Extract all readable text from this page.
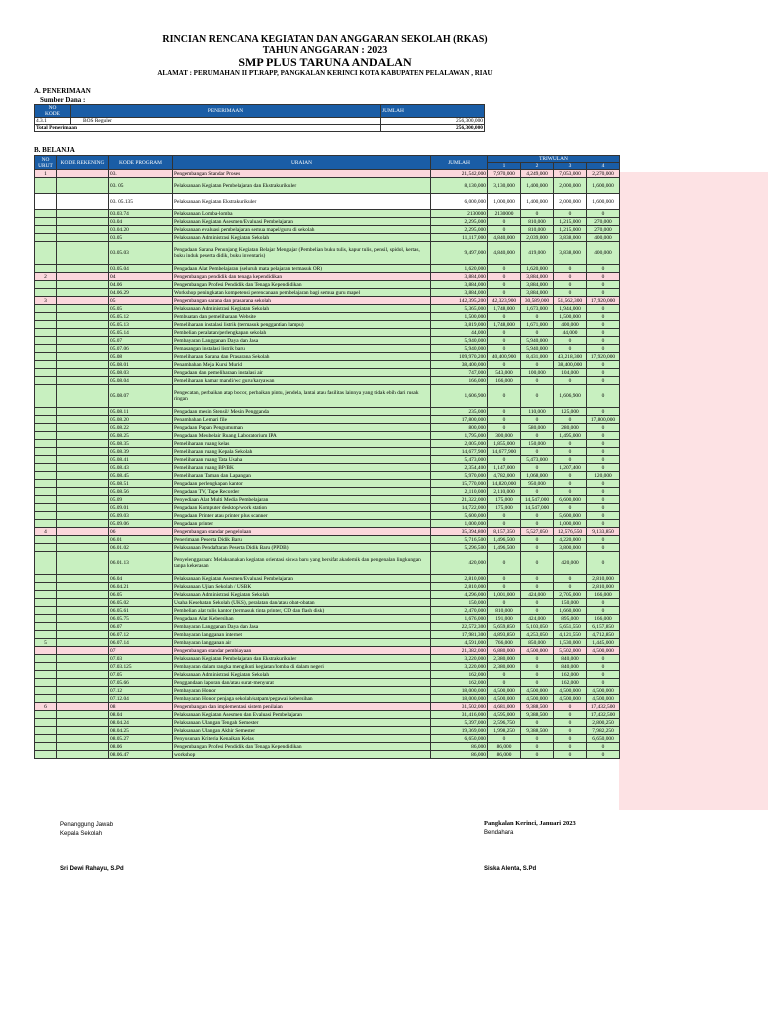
RINCIAN RENCANA KEGIATAN DAN ANGGARAN SEKOLAH (RKAS)
TAHUN ANGGARAN : 2023
SMP PLUS TARUNA ANDALAN
ALAMAT : PERUMAHAN II PT.RAPP, PANGKALAN KERINCI KOTA KABUPATEN PELALAWAN , RIAU
A. PENERIMAAN
Sumber Dana :
NO
KODE	PENERIMAAN	JUMLAH
4.3.1	BOS Reguler	256,300,000
Total Penerimaan		256,300,000
B. BELANJA
NO URUT	KODE REKENING	KODE PROGRAM	URAIAN	JUMLAH	TRIWULAN			
					1	2	3	4
1		03.	Pengembangan Standar Proses	21,542,000	7,970,000	4,249,000	7,053,000	2,270,000
		03. 05	Pelaksanaan Kegiatan Pembelajaran dan Ekstrakurikuler	8,130,000	3,130,000	1,400,000	2,000,000	1,600,000
		03. 05.135	Pelaksanaan Kegiatan Ekstrakurikuler	6,000,000	1,000,000	1,400,000	2,000,000	1,600,000
		03.03.74	Pelaksanaan Lomba-lomba	2130000	2130000	0	0	0
		03.04	Pelaksanaan Kegiatan Asesmen/Evaluasi Pembelajaran	2,295,000	0	810,000	1,215,000	270,000
		03.04.20	Pelaksanaan evaluasi pembelajaran semua mapel/guru di sekolah	2,295,000	0	810,000	1,215,000	270,000
		03.05	Pelaksanaan Administrasi Kegiatan Sekolah	11,117,000	4,840,000	2,039,000	3,838,000	400,000
		03.05.03	Pengadaan Sarana Penunjang Kegiatan Belajar Mengajar (Pembelian buku tulis, kapur tulis, pensil, spidol, kertas, buku induk peserta didik, buku inventaris)	9,497,000	4,840,000	419,000	3,838,000	400,000
		03.05.04	Pengadaan Alat Pembelajaran (seluruh mata pelajaran termasuk OR)	1,620,000	0	1,620,000	0	0
2		04	Pengembangan pendidik dan tenaga kependidikan	3,884,000	0	3,884,000	0	0
		04.06	Pengembangan Profesi Pendidik dan Tenaga Kependidikan	3,884,000	0	3,884,000	0	0
		04.06.29	Workshop peningkatan kompetensi perencanaan pembelajaran bagi semua guru mapel	3,884,000	0	3,884,000	0	0
3		05	Pengembangan sarana dan prasarana sekolah	142,395,200	42,323,900	30,589,000	51,562,300	17,920,000
		05.05	Pelaksanaan Administrasi Kegiatan Sekolah	5,365,000	1,748,000	1,673,000	1,944,000	0
		05.05.12	Pembuatan dan pemeliharaan Website	1,500,000	0	0	1,500,000	0
		05.05.13	Pemeliharaan instalasi listrik (termasuk penggantian lampu)	3,819,000	1,748,000	1,671,000	400,000	0
		05.05.14	Pembelian peralatan/perlengkapan sekolah	44,000	0	0	44,000	0
		05.07	Pembayaran Langganan Daya dan Jasa	5,940,000	0	5,940,000	0	0
		05.07.06	Pemasangan instalasi listrik baru	5,940,000	0	5,940,000	0	0
		05.08	Pemeliharaan Sarana dan Prasarana Sekolah	109,970,200	40,400,900	8,431,000	43,218,300	17,920,000
		05.08.01	Penambahan Meja Kursi Murid	38,400,000	0	0	38,400,000	0
		05.08.03	Pengadaan dan pemeliharaan instalasi air	747,000	543,000	100,000	104,000	0
		05.08.04	Pemeliharaan kamar mandi/wc guru/karyawan	166,000	166,000	0	0	0
		05.08.07	Pengecatan, perbaikan atap bocor, perbaikan pintu, jendela, lantai atau fasilitas lainnya yang tidak ebih dari rusak ringan	1,606,900	0	0	1,606,900	0
		05.08.11	Pengadaan mesin Stensil/ Mesin Pengganda	235,000	0	110,000	125,000	0
		05.08.20	Penambahan Lemari file	17,800,000	0	0	0	17,800,000
		05.08.22	Pengadaan Papan Pengumuman	800,000	0	580,000	280,000	0
		05.08.25	Pengadaan Meubelair Ruang Laboratorium IPA	1,795,000	300,000	0	1,495,000	0
		05.08.35	Pemeliharaan ruang kelas	2,005,000	1,855,000	150,000	0	0
		05.08.39	Pemeliharaan ruang Kepala Sekolah	14,677,900	14,677,900	0	0	0
		05.08.41	Pemeliharaan ruang Tata Usaha	5,473,000	0	5,473,000	0	0
		05.08.43	Pemeliharaan ruang BP/BK	2,354,400	1,147,000	0	1,207,400	0
		05.08.45	Pemeliharaan Taman dan Lapangan	5,970,000	4,782,000	1,068,000	0	120,000
		05.08.51	Pengadaan perlengkapan kantor	15,770,000	14,820,000	950,000	0	0
		05.08.56	Pengadaan TV, Tape Recorder	2,110,000	2,110,000	0	0	0
		05.09	Penyediaan Alat Multi Media Pembelajaran	21,322,000	175,000	14,547,000	6,600,000	0
		05.09.01	Pengadaan Komputer desktop/work station	14,722,000	175,000	14,547,000	0	0
		05.09.03	Pengadaan Printer atau printer plus scanner	5,600,000	0	0	5,600,000	0
		05.09.06	Pengadaan printer	1,000,000	0	0	1,000,000	0
4		06	Pengembangan standar pengelolaan	35,394,800	8,157,350	5,527,050	12,576,550	9,133,850
		06.01	Penerimaan Peserta Didik Baru	5,716,500	1,496,500	0	4,220,000	0
		06.01.02	Pelaksanaan Pendaftaran Peserta Didik Baru (PPDB)	5,296,500	1,496,500	0	3,800,000	0
		06.01.13	Penyelenggaraan: Melaksanakan kegiatan orientasi siswa baru yang bersifat akademik dan pengenalan lingkungan tanpa kekerasan	420,000	0	0	420,000	0
		06.04	Pelaksanaan Kegiatan Asesmen/Evaluasi Pembelajaran	2,810,000	0	0	0	2,810,000
		06.04.21	Pelaksanaan Ujian Sekolah / USBK	2,810,000	0	0	0	2,810,000
		06.05	Pelaksanaan Administrasi Kegiatan Sekolah	4,296,000	1,001,000	424,000	2,705,000	166,000
		06.05.02	Usaha Kesehatan Sekolah (UKS), peralatan dan/atau obat-obatan	150,000	0	0	150,000	0
		06.05.61	Pembelian alat tulis kantor (termasuk tinta printer, CD dan flash disk)	2,470,000	810,000	0	1,660,000	0
		06.05.75	Pengadaan Alat Kebersihan	1,676,000	191,000	424,000	895,000	166,000
		06.07	Pembayaran Langganan Daya dan Jasa	22,572,300	5,659,850	5,103,050	5,651,550	6,157,850
		06.07.12	Pembayaran langganan internet	17,981,300	4,893,850	4,253,050	4,121,550	4,712,850
5		06.07.14	Pembayaran langganan air	4,591,000	766,000	850,000	1,530,000	1,445,000
		07	Pengembangan standar pembiayaan	21,382,000	6,880,000	4,500,000	5,502,000	4,500,000
		07.03	Pelaksanaan Kegiatan Pembelajaran dan Ekstrakurikuler	3,220,000	2,380,000	0	840,000	0
		07.03.125	Pembayaran dalam rangka mengikuti kegiatan/lomba di dalam negeri	3,220,000	2,380,000	0	840,000	0
		07.05	Pelaksanaan Administrasi Kegiatan Sekolah	162,000	0	0	162,000	0
		07.05.66	Penggandaan laporan dan/atau surat-menyurat	162,000	0	0	162,000	0
		07.12	Pembayaran Honor	18,000,000	4,500,000	4,500,000	4,500,000	4,500,000
		07.12.04	Pembayaran Honor penjaga sekolah/satpam/pegawai kebersihan	18,000,000	4,500,000	4,500,000	4,500,000	4,500,000
6		08	Pengembangan dan implementasi sistem penilaian	31,502,000	4,681,000	9,388,500	0	17,432,500
		08.04	Pelaksanaan Kegiatan Asesmen dan Evaluasi Pembelajaran	31,416,000	4,595,000	9,388,500	0	17,432,500
		08.04.24	Pelaksanaan Ulangan Tengah Semester	5,397,000	2,596,750	0	0	2,800,250
		08.04.25	Pelaksanaan Ulangan Akhir Semester	19,369,000	1,998,250	9,388,500	0	7,982,250
		08.05.27	Penyusunan Kriteria Kenaikan Kelas	6,650,000	0	0	0	6,650,000
		08.06	Pengembangan Profesi Pendidik dan Tenaga Kependidikan	86,000	86,000	0	0	0
		08.06.47	workshop	86,000	86,000	0	0	0
Penanggung Jawab
Kepala Sekolah
Sri Dewi Rahayu, S.Pd
Pangkalan Kerinci, Januari 2023
Bendahara
Siska Alenta, S.Pd
